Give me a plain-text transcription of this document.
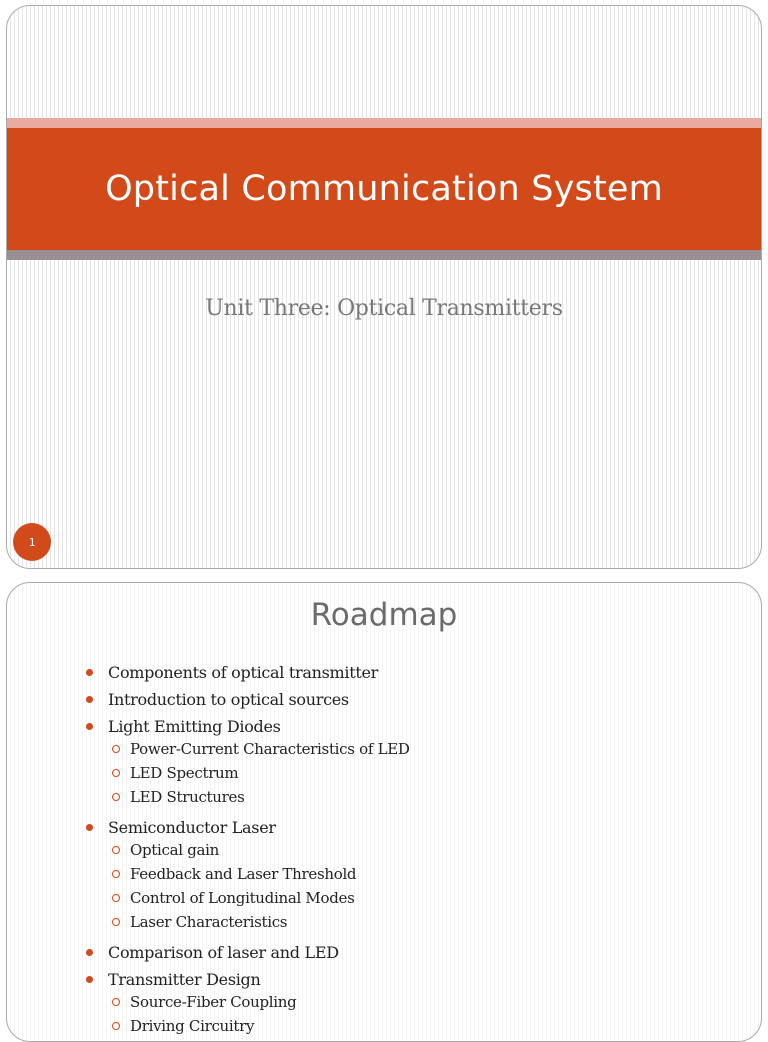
Optical Communication System
Unit Three: Optical Transmitters
1
Roadmap
Components of optical transmitter
Introduction to optical sources
Light Emitting Diodes
Power-Current Characteristics of LED
LED Spectrum
LED Structures
Semiconductor Laser
Optical gain
Feedback and Laser Threshold
Control of Longitudinal Modes
Laser Characteristics
Comparison of laser and LED
Transmitter Design
Source-Fiber Coupling
Driving Circuitry
